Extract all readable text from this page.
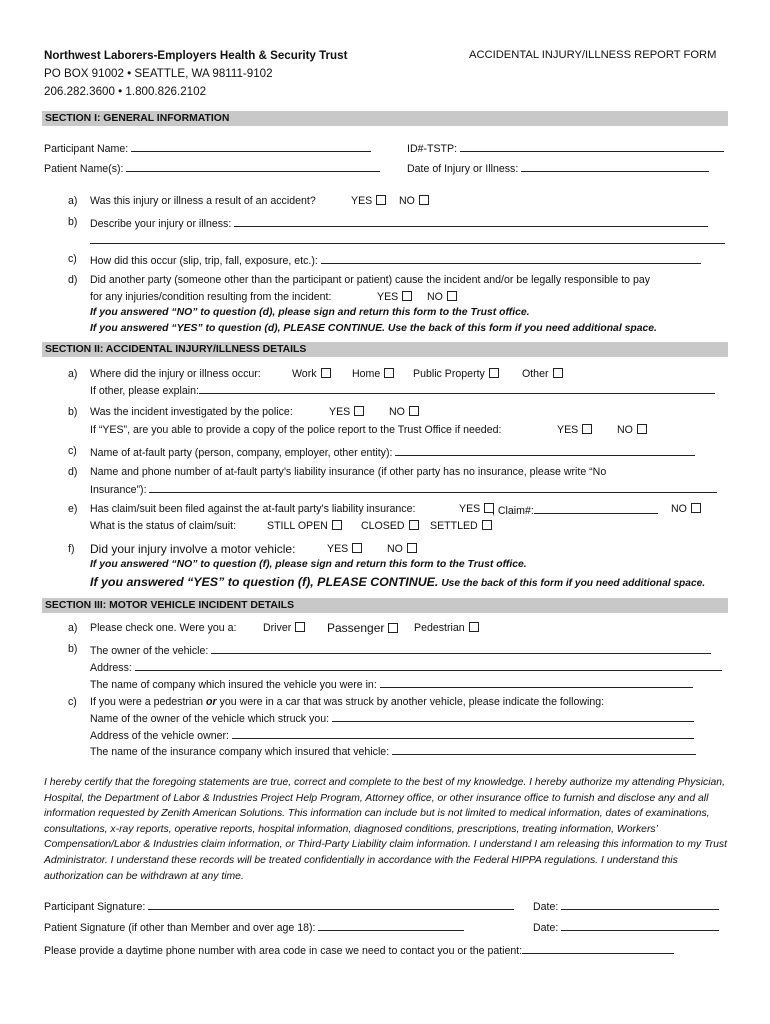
Northwest Laborers-Employers Health & Security Trust
PO BOX 91002 • SEATTLE, WA 98111-9102
206.282.3600 • 1.800.826.2102
ACCIDENTAL INJURY/ILLNESS REPORT FORM
SECTION I: GENERAL INFORMATION
Participant Name:	ID#-TSTP:
Patient Name(s):	Date of Injury or Illness:
a) Was this injury or illness a result of an accident?	YES	NO
b) Describe your injury or illness:
c) How did this occur (slip, trip, fall, exposure, etc.):
d) Did another party (someone other than the participant or patient) cause the incident and/or be legally responsible to pay
for any injuries/condition resulting from the incident:	YES	NO
If you answered “NO” to question (d), please sign and return this form to the Trust office.
If you answered “YES” to question (d), PLEASE CONTINUE. Use the back of this form if you need additional space.
SECTION II: ACCIDENTAL INJURY/ILLNESS DETAILS
a) Where did the injury or illness occur:	Work	Home	Public Property	Other
If other, please explain:
b) Was the incident investigated by the police:	YES	NO
If “YES”, are you able to provide a copy of the police report to the Trust Office if needed:	YES	NO
c) Name of at-fault party (person, company, employer, other entity):
d) Name and phone number of at-fault party’s liability insurance (if other party has no insurance, please write “No
Insurance”):
e) Has claim/suit been filed against the at-fault party’s liability insurance:	YES	, Claim#:	NO
What is the status of claim/suit:	STILL OPEN	CLOSED	SETTLED
f) Did your injury involve a motor vehicle:	YES	NO
If you answered “NO” to question (f), please sign and return this form to the Trust office.
If you answered “YES” to question (f), PLEASE CONTINUE. Use the back of this form if you need additional space.
SECTION III: MOTOR VEHICLE INCIDENT DETAILS
a) Please check one. Were you a:	Driver	Passenger	Pedestrian
b) The owner of the vehicle:
Address:
The name of company which insured the vehicle you were in:
c) If you were a pedestrian or you were in a car that was struck by another vehicle, please indicate the following:
Name of the owner of the vehicle which struck you:
Address of the vehicle owner:
The name of the insurance company which insured that vehicle:
I hereby certify that the foregoing statements are true, correct and complete to the best of my knowledge. I hereby authorize my attending Physician, Hospital, the Department of Labor & Industries Project Help Program, Attorney office, or other insurance office to furnish and disclose any and all information requested by Zenith American Solutions. This information can include but is not limited to medical information, dates of examinations, consultations, x-ray reports, operative reports, hospital information, diagnosed conditions, prescriptions, treating information, Workers’ Compensation/Labor & Industries claim information, or Third-Party Liability claim information. I understand I am releasing this information to my Trust Administrator. I understand these records will be treated confidentially in accordance with the Federal HIPPA regulations. I understand this authorization can be withdrawn at any time.
Participant Signature:	Date:
Patient Signature (if other than Member and over age 18):	Date:
Please provide a daytime phone number with area code in case we need to contact you or the patient:
